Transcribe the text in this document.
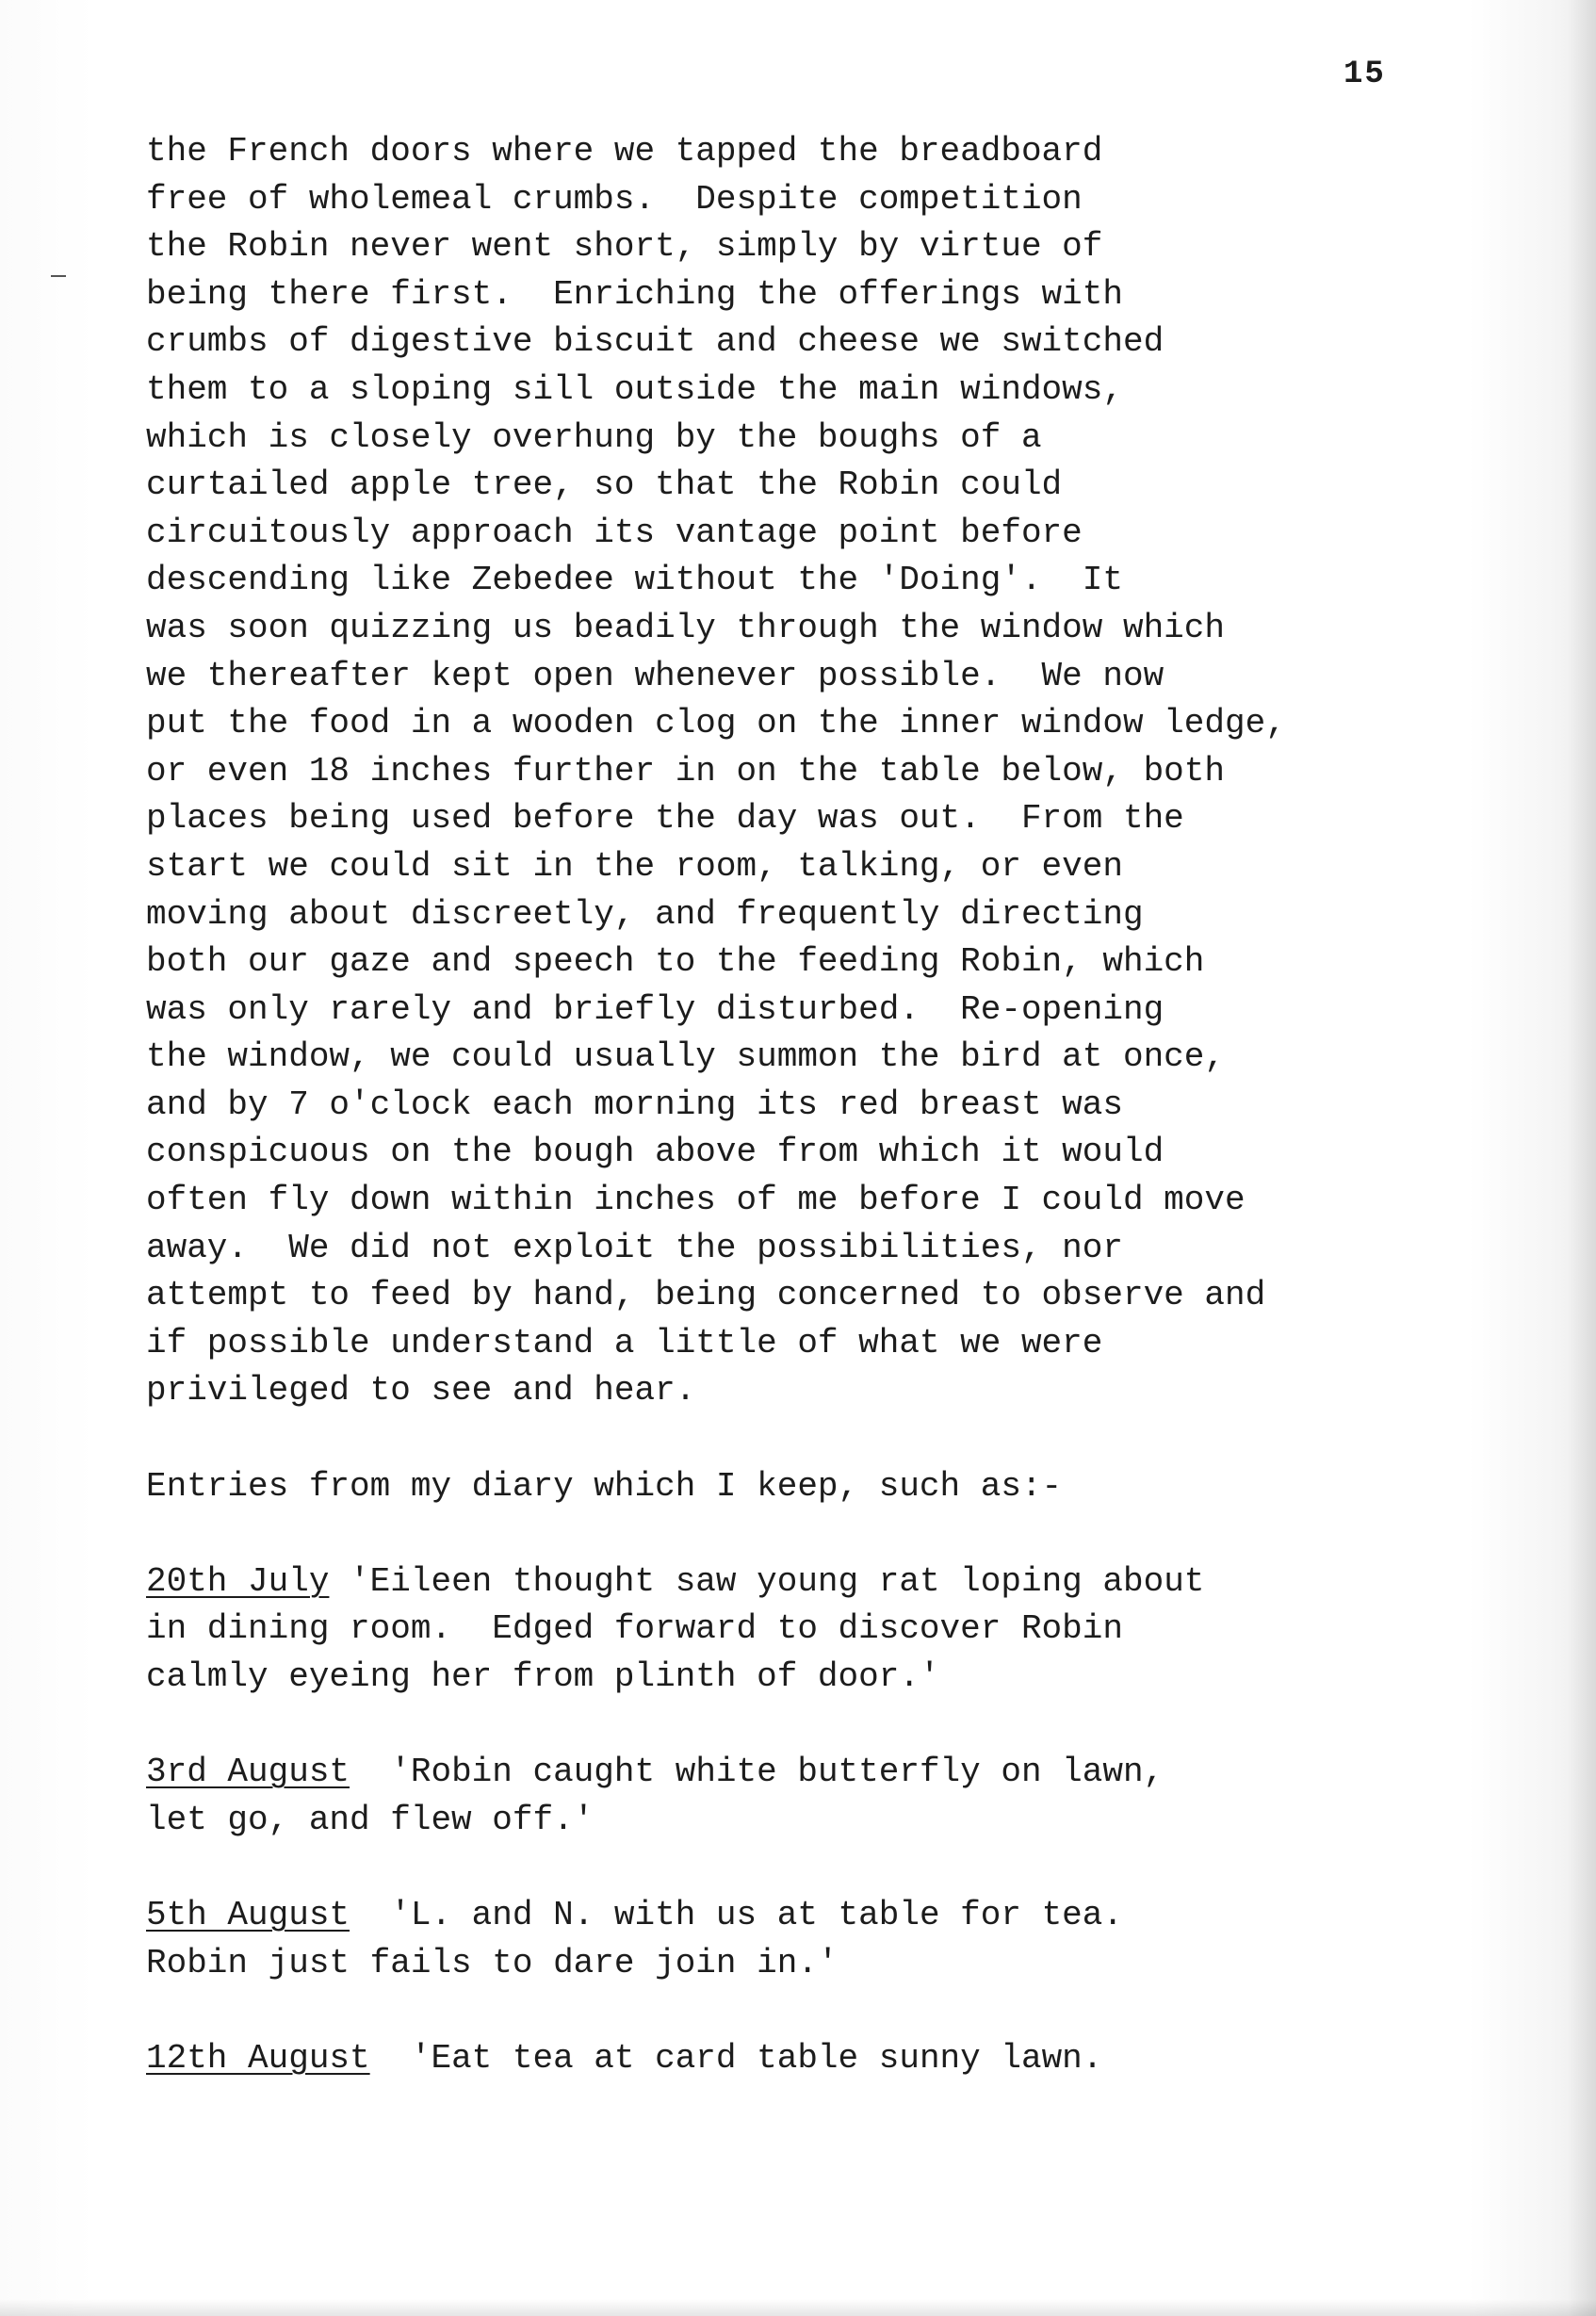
15
the French doors where we tapped the breadboard
free of wholemeal crumbs.  Despite competition
the Robin never went short, simply by virtue of
being there first.  Enriching the offerings with
crumbs of digestive biscuit and cheese we switched
them to a sloping sill outside the main windows,
which is closely overhung by the boughs of a
curtailed apple tree, so that the Robin could
circuitously approach its vantage point before
descending like Zebedee without the 'Doing'.  It
was soon quizzing us beadily through the window which
we thereafter kept open whenever possible.  We now
put the food in a wooden clog on the inner window ledge,
or even 18 inches further in on the table below, both
places being used before the day was out.  From the
start we could sit in the room, talking, or even
moving about discreetly, and frequently directing
both our gaze and speech to the feeding Robin, which
was only rarely and briefly disturbed.  Re-opening
the window, we could usually summon the bird at once,
and by 7 o'clock each morning its red breast was
conspicuous on the bough above from which it would
often fly down within inches of me before I could move
away.  We did not exploit the possibilities, nor
attempt to feed by hand, being concerned to observe and
if possible understand a little of what we were
privileged to see and hear.
Entries from my diary which I keep, such as:-
20th July 'Eileen thought saw young rat loping about
in dining room.  Edged forward to discover Robin
calmly eyeing her from plinth of door.'
3rd August 'Robin caught white butterfly on lawn,
let go, and flew off.'
5th August 'L. and N. with us at table for tea.
Robin just fails to dare join in.'
12th August 'Eat tea at card table sunny lawn.
